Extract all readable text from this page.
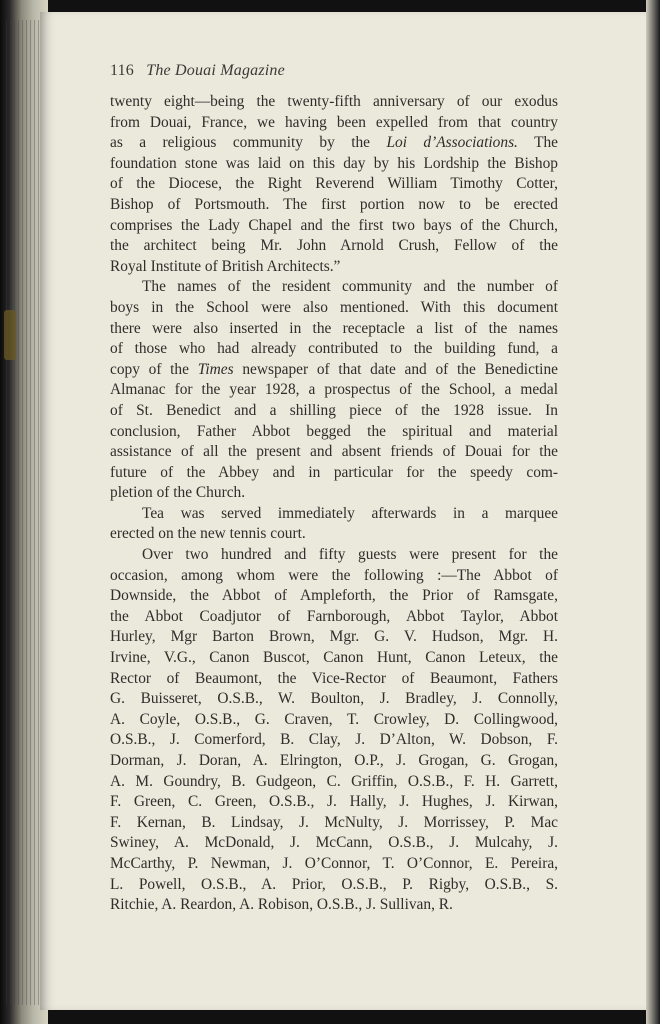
116 The Douai Magazine
twenty eight—being the twenty-fifth anniversary of our exodus
from Douai, France, we having been expelled from that country
as a religious community by the Loi d’Associations. The
foundation stone was laid on this day by his Lordship the Bishop
of the Diocese, the Right Reverend William Timothy Cotter,
Bishop of Portsmouth. The first portion now to be erected
comprises the Lady Chapel and the first two bays of the Church,
the architect being Mr. John Arnold Crush, Fellow of the
Royal Institute of British Architects.”
The names of the resident community and the number of
boys in the School were also mentioned. With this document
there were also inserted in the receptacle a list of the names
of those who had already contributed to the building fund, a
copy of the Times newspaper of that date and of the Benedictine
Almanac for the year 1928, a prospectus of the School, a medal
of St. Benedict and a shilling piece of the 1928 issue. In
conclusion, Father Abbot begged the spiritual and material
assistance of all the present and absent friends of Douai for the
future of the Abbey and in particular for the speedy com-
pletion of the Church.
Tea was served immediately afterwards in a marquee
erected on the new tennis court.
Over two hundred and fifty guests were present for the
occasion, among whom were the following :—The Abbot of
Downside, the Abbot of Ampleforth, the Prior of Ramsgate,
the Abbot Coadjutor of Farnborough, Abbot Taylor, Abbot
Hurley, Mgr Barton Brown, Mgr. G. V. Hudson, Mgr. H.
Irvine, V.G., Canon Buscot, Canon Hunt, Canon Leteux, the
Rector of Beaumont, the Vice-Rector of Beaumont, Fathers
G. Buisseret, O.S.B., W. Boulton, J. Bradley, J. Connolly,
A. Coyle, O.S.B., G. Craven, T. Crowley, D. Collingwood,
O.S.B., J. Comerford, B. Clay, J. D’Alton, W. Dobson, F.
Dorman, J. Doran, A. Elrington, O.P., J. Grogan, G. Grogan,
A. M. Goundry, B. Gudgeon, C. Griffin, O.S.B., F. H. Garrett,
F. Green, C. Green, O.S.B., J. Hally, J. Hughes, J. Kirwan,
F. Kernan, B. Lindsay, J. McNulty, J. Morrissey, P. Mac
Swiney, A. McDonald, J. McCann, O.S.B., J. Mulcahy, J.
McCarthy, P. Newman, J. O’Connor, T. O’Connor, E. Pereira,
L. Powell, O.S.B., A. Prior, O.S.B., P. Rigby, O.S.B., S.
Ritchie, A. Reardon, A. Robison, O.S.B., J. Sullivan, R.
